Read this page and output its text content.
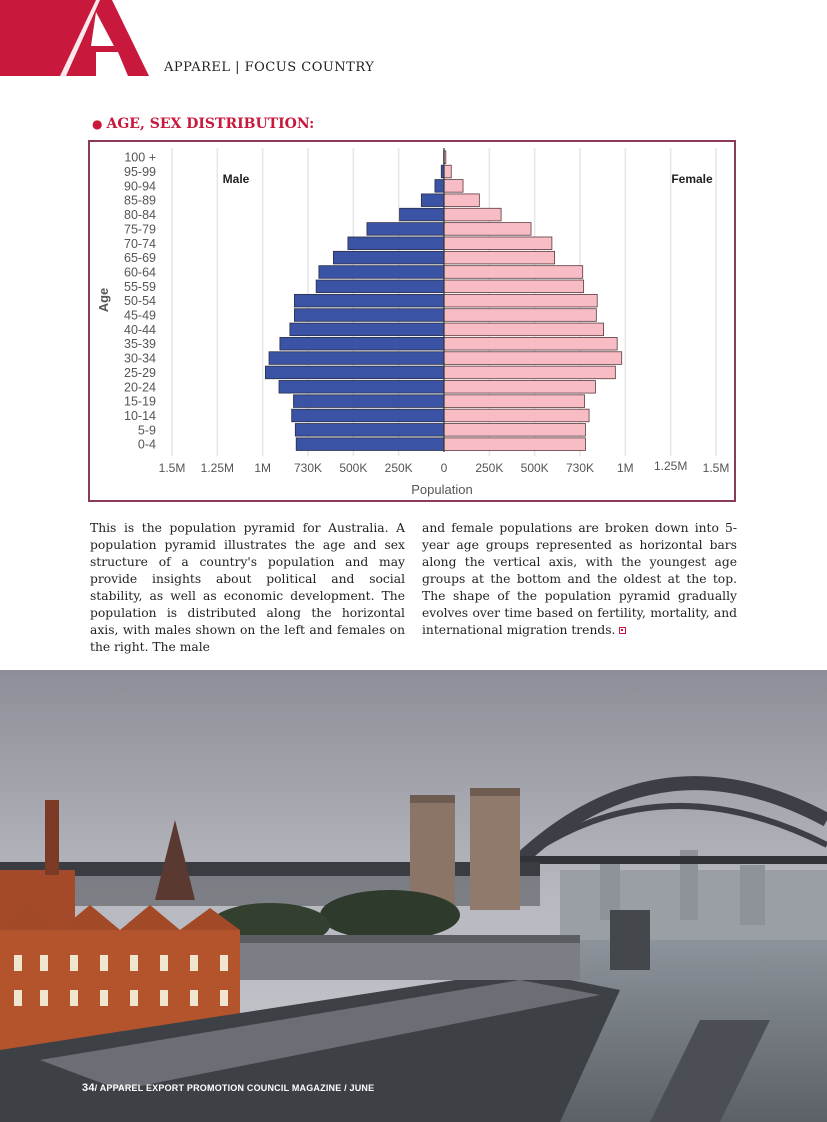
APPAREL | FOCUS COUNTRY
● AGE, SEX DISTRIBUTION:
0-4
5-9
10-14
15-19
20-24
25-29
30-34
35-39
40-44
45-49
50-54
55-59
60-64
65-69
70-74
75-79
80-84
85-89
90-94
95-99
100 +
1.5M 1.25M 1M 730K 500K 250K 0 250K 500K 730K 1M 1.25M 1.5M
Population
Age
Male	Female
This is the population pyramid for Australia. A population pyramid illustrates the age and sex structure of a country's population and may provide insights about political and social stability, as well as economic development. The population is distributed along the horizontal axis, with males shown on the left and females on the right. The male
and female populations are broken down into 5-year age groups represented as horizontal bars along the vertical axis, with the youngest age groups at the bottom and the oldest at the top. The shape of the population pyramid gradually evolves over time based on fertility, mortality, and international migration trends.
34/ APPAREL EXPORT PROMOTION COUNCIL MAGAZINE / JUNE
